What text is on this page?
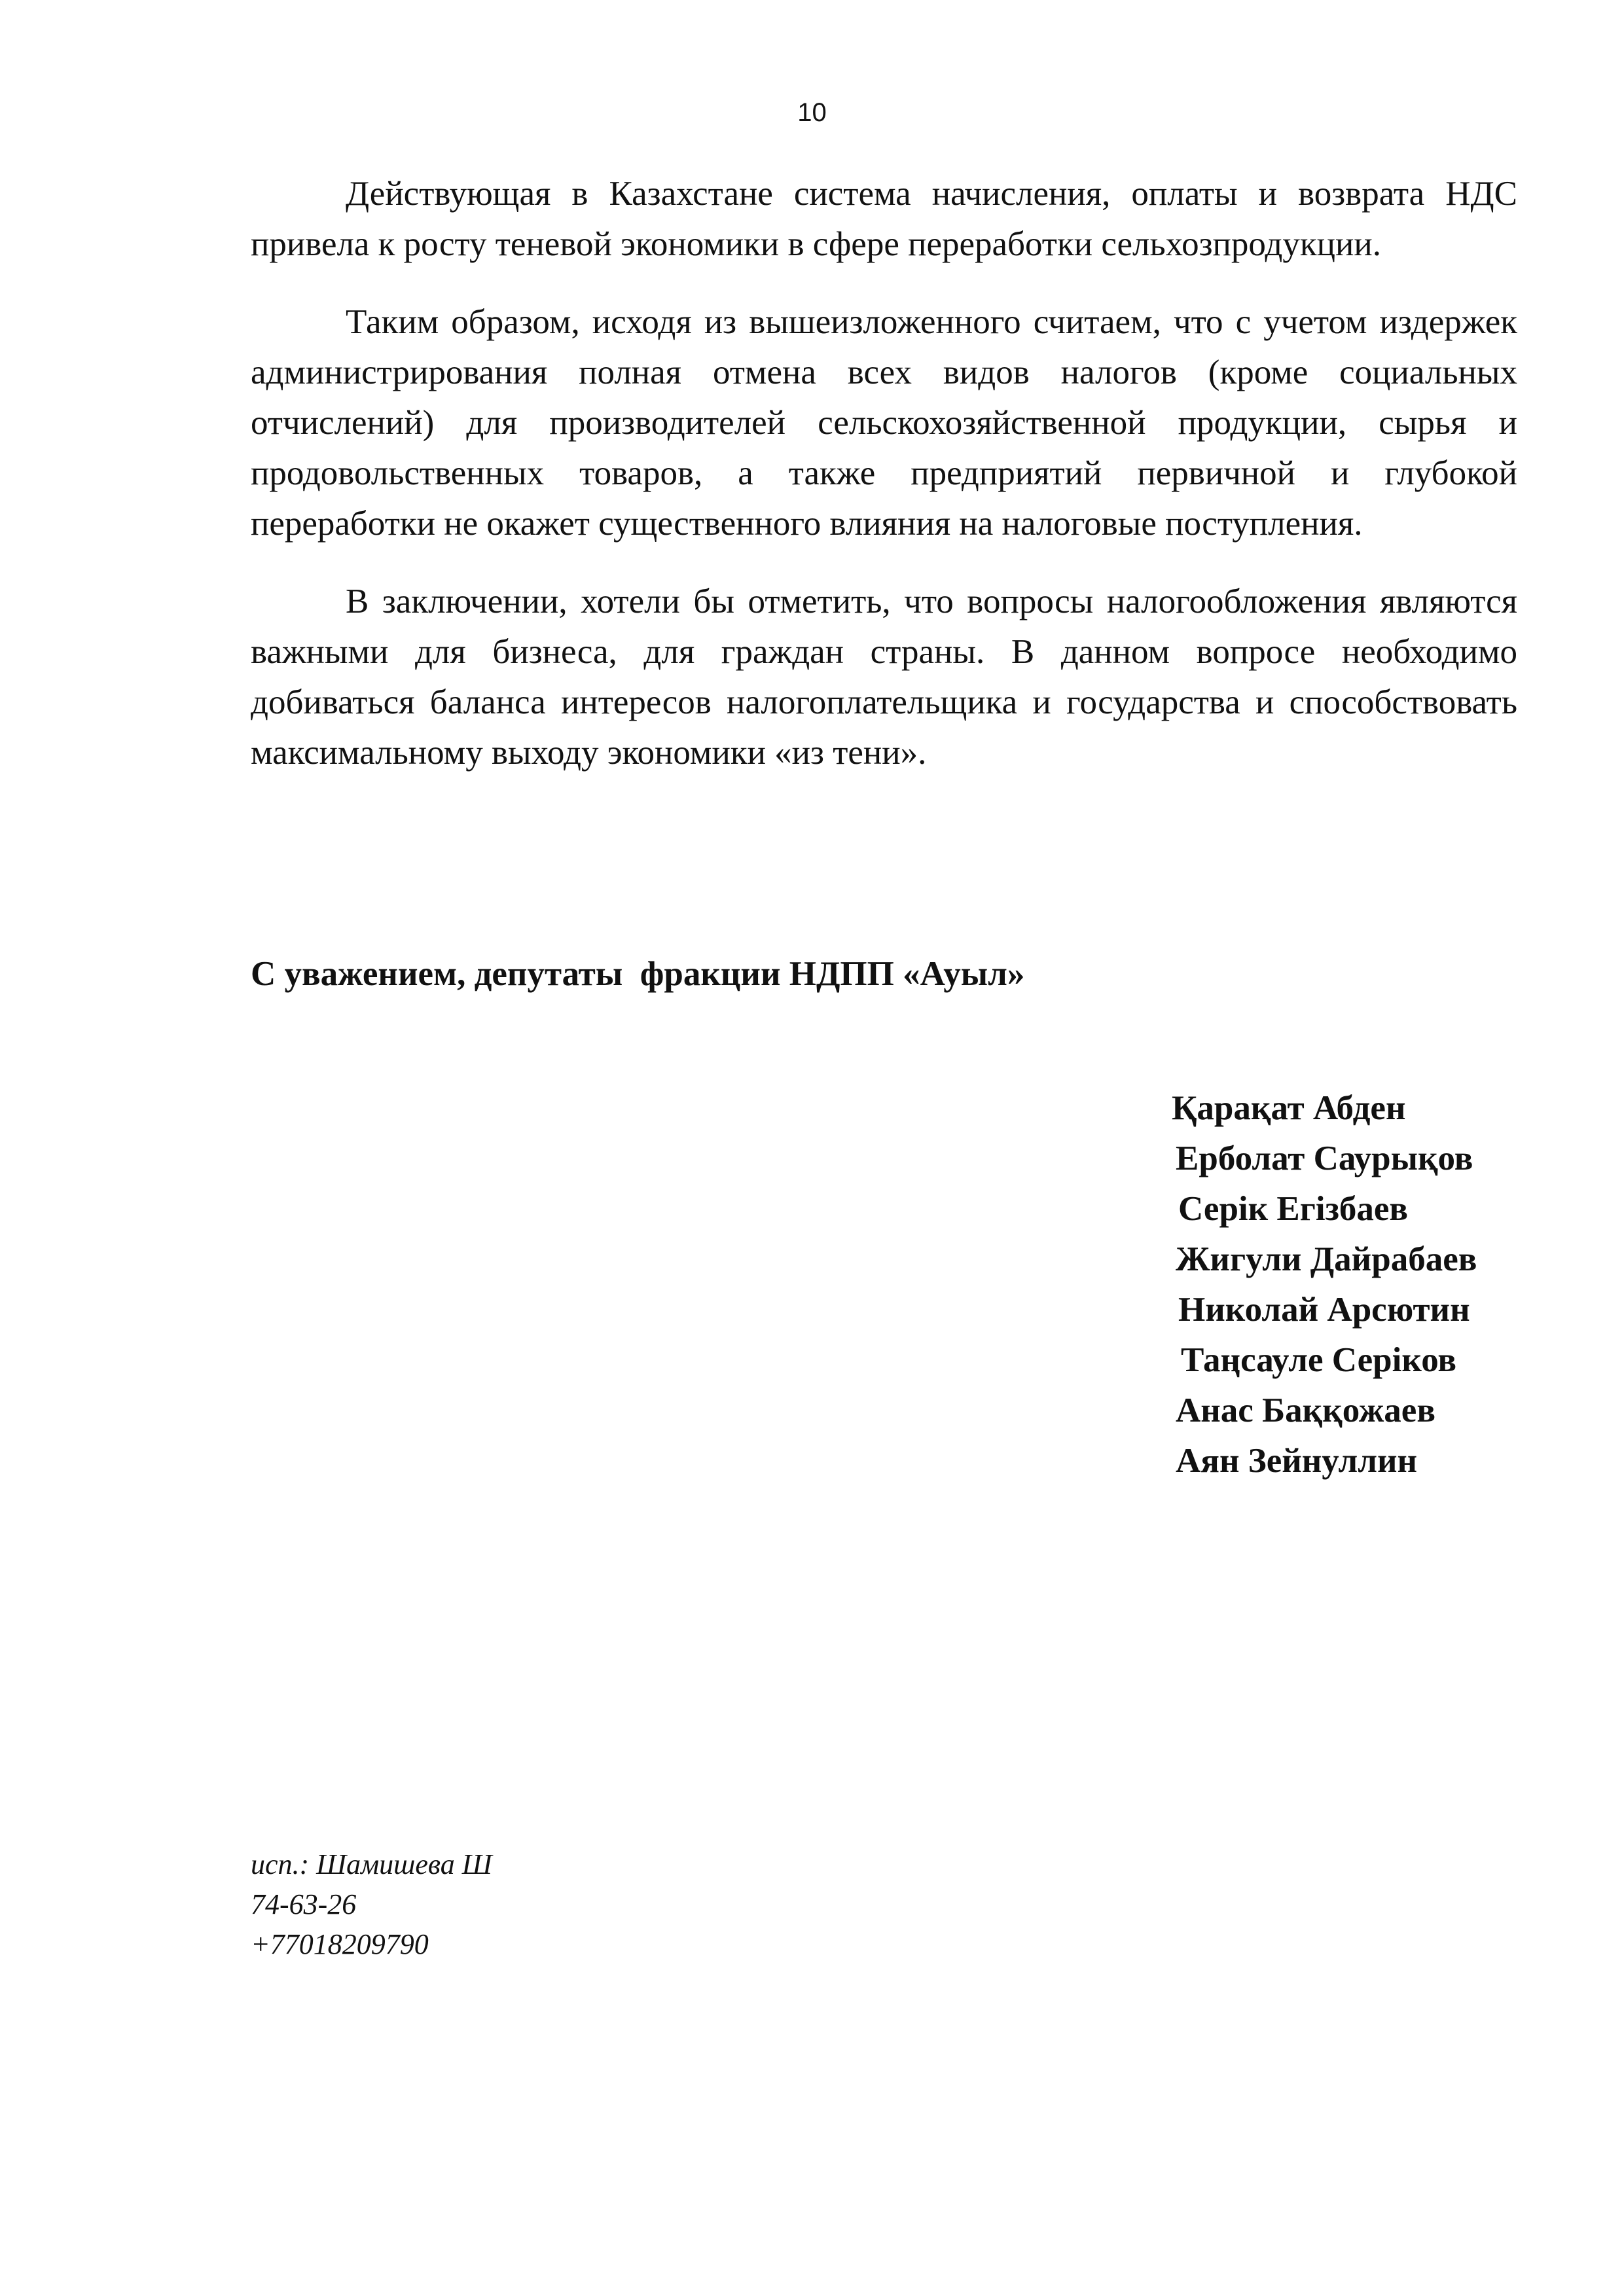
10

Действующая в Казахстане система начисления, оплаты и возврата НДС привела к росту теневой экономики в сфере переработки сельхозпродукции.

Таким образом, исходя из вышеизложенного считаем, что с учетом издержек администрирования полная отмена всех видов налогов (кроме социальных отчислений) для производителей сельскохозяйственной продукции, сырья и продовольственных товаров, а также предприятий первичной и глубокой переработки не окажет существенного влияния на налоговые поступления.

В заключении, хотели бы отметить, что вопросы налогообложения являются важными для бизнеса, для граждан страны. В данном вопросе необходимо добиваться баланса интересов налогоплательщика и государства и способствовать максимальному выходу экономики «из тени».

С уважением, депутаты  фракции НДПП «Ауыл»
Қарақат Абден
Ерболат Саурықов
Серік Егізбаев
Жигули Дайрабаев
Николай Арсютин
Таңсауле Серіков
Анас Баққожаев
Аян Зейнуллин
исп.: Шамишева Ш
74-63-26
+77018209790
